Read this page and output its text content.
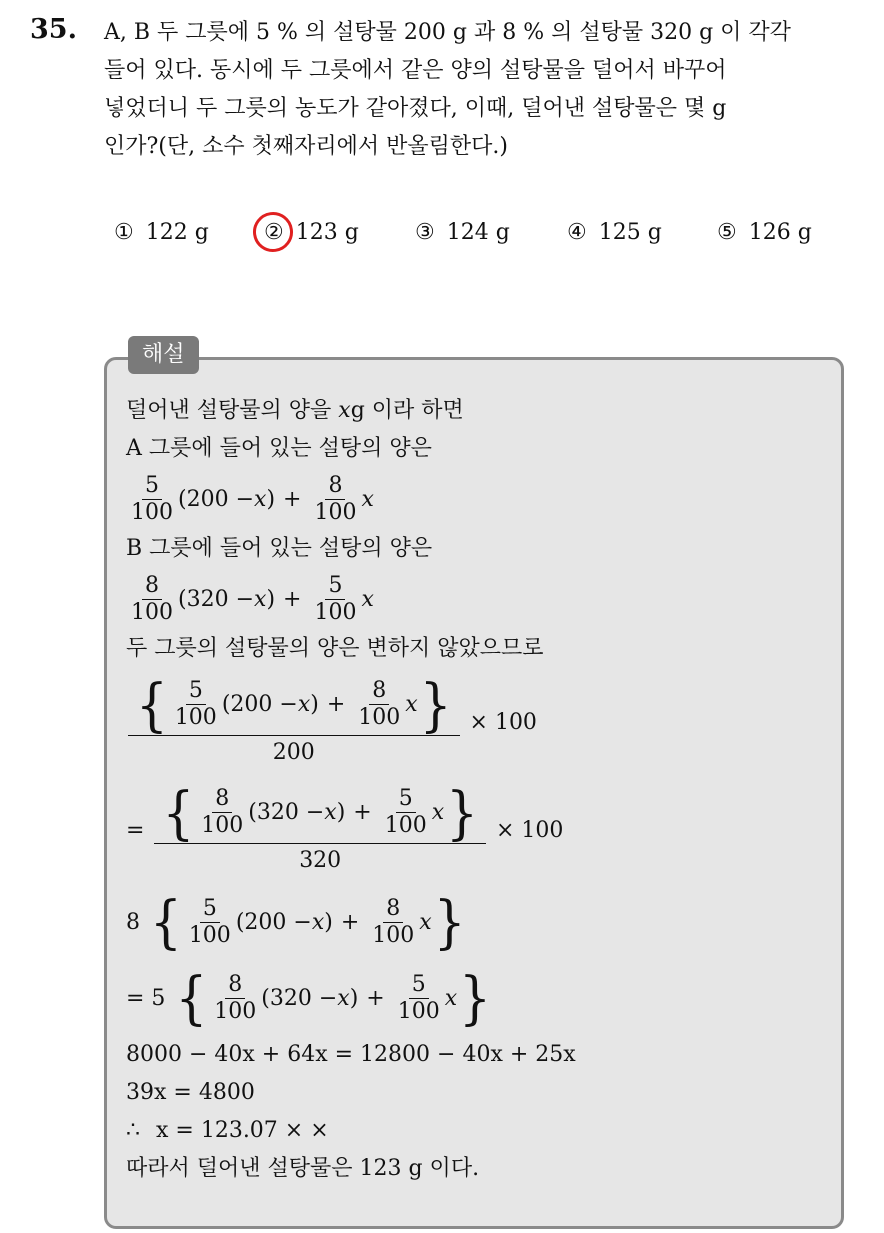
35. A, B 두 그릇에 5 % 의 설탕물 200 g 과 8 % 의 설탕물 320 g 이 각각
들어 있다. 동시에 두 그릇에서 같은 양의 설탕물을 덜어서 바꾸어
넣었더니 두 그릇의 농도가 같아졌다, 이때, 덜어낸 설탕물은 몇 g
인가?(단, 소수 첫째자리에서 반올림한다.)
① 122 g	② 123 g	③ 124 g	④ 125 g	⑤ 126 g
해설
덜어낸 설탕물의 양을 xg 이라 하면
A 그릇에 들어 있는 설탕의 양은
$\frac{5}{100} (200 - x$ ) + $\frac{8}{100}$ x
B 그릇에 들어 있는 설탕의 양은
$\frac{8}{100} (320 - x$ ) + $\frac{5}{100}$ x
두 그릇의 설탕물의 양은 변하지 않았으므로
$\frac{\{ \frac{5}{100} (200 - x ) + \frac{8}{100} x \}}{200} \times 100$
= $\frac{\{ \frac{8}{100} (320 - x ) + \frac{5}{100} x \}}{320} \times 100$
8 { $\frac{5}{100} (200 - x$ ) + $\frac{8}{100}$ x }
= 5 { $\frac{8}{100} (320 - x$ ) + $\frac{5}{100}$ x }
8000 − 40x + 64x = 12800 − 40x + 25x
39x = 4800
∴ x = 123.07 × ×
따라서 덜어낸 설탕물은 123 g 이다.
